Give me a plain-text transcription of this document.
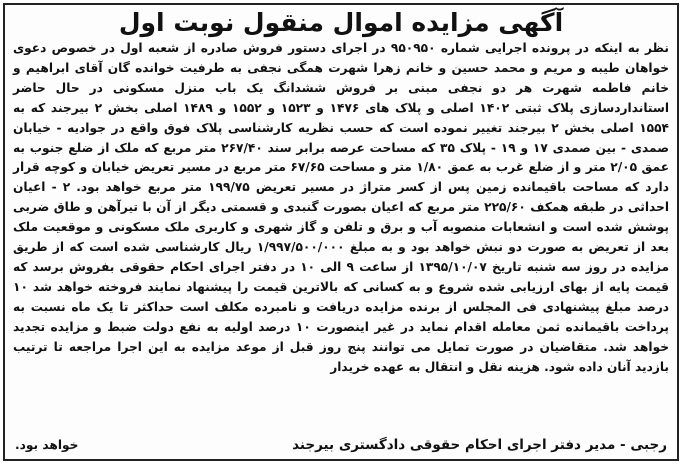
آگهی مزایده اموال منقول نوبت اول

نظر به اینکه در پرونده اجرایی شماره ۹۵۰۹۵۰ در اجرای دستور فروش صادره از شعبه اول در خصوص دعوی خواهان طیبه و مریم و محمد حسین و خانم زهرا شهرت همگی نجفی به طرفیت خوانده گان آقای ابراهیم و خانم فاطمه شهرت هر دو نجفی مبنی بر فروش ششدانگ یک باب منزل مسکونی در حال حاضر استانداردسازی پلاک ثبتی ۱۴۰۲ اصلی و پلاک های ۱۴۷۶ و ۱۵۲۳ و ۱۵۵۲ و ۱۴۸۹ اصلی بخش ۲ بیرجند که به ۱۵۵۴ اصلی بخش ۲ بیرجند تغییر نموده است که حسب نظریه کارشناسی پلاک فوق واقع در جوادیه - خیابان صمدی - بین صمدی ۱۷ و ۱۹ - پلاک ۳۵ که مساحت عرصه برابر سند ۲۶۷/۴۰ متر مربع که ملک از ضلع جنوب به عمق ۲/۰۵ متر و از ضلع غرب به عمق ۱/۸۰ متر و مساحت ۶۷/۶۵ متر مربع در مسیر تعریض خیابان و کوچه قرار دارد که مساحت باقیمانده زمین پس از کسر متراژ در مسیر تعریض ۱۹۹/۷۵ متر مربع خواهد بود. ۲ - اعیان احداثی در طبقه همکف ۲۲۵/۶۰ متر مربع که اعیان بصورت گنبدی و قسمتی دیگر از آن با تیرآهن و طاق ضربی پوشش شده است و انشعابات منصوبه آب و برق و تلفن و گاز شهری و کاربری ملک مسکونی و موقعیت ملک بعد از تعریض به صورت دو نبش خواهد بود و به مبلغ ۱/۹۹۷/۵۰۰/۰۰۰ ریال کارشناسی شده است که از طریق مزایده در روز سه شنبه تاریخ ۱۳۹۵/۱۰/۰۷ از ساعت ۹ الی ۱۰ در دفتر اجرای احکام حقوقی بفروش برسد که قیمت پایه از بهای ارزیابی شده شروع و به کسانی که بالاترین قیمت را پیشنهاد نمایند فروخته خواهد شد ۱۰ درصد مبلغ پیشنهادی فی المجلس از برنده مزایده دریافت و نامبرده مکلف است حداکثر تا یک ماه نسبت به پرداخت باقیمانده ثمن معامله اقدام نماید در غیر اینصورت ۱۰ درصد اولیه به نفع دولت ضبط و مزایده تجدید خواهد شد. متقاضیان در صورت تمایل می توانند پنج روز قبل از موعد مزایده به این اجرا مراجعه تا ترتیب بازدید آنان داده شود. هزینه نقل و انتقال به عهده خریدار

رجبی - مدیر دفتر اجرای احکام حقوقی دادگستری بیرجند
خواهد بود.
